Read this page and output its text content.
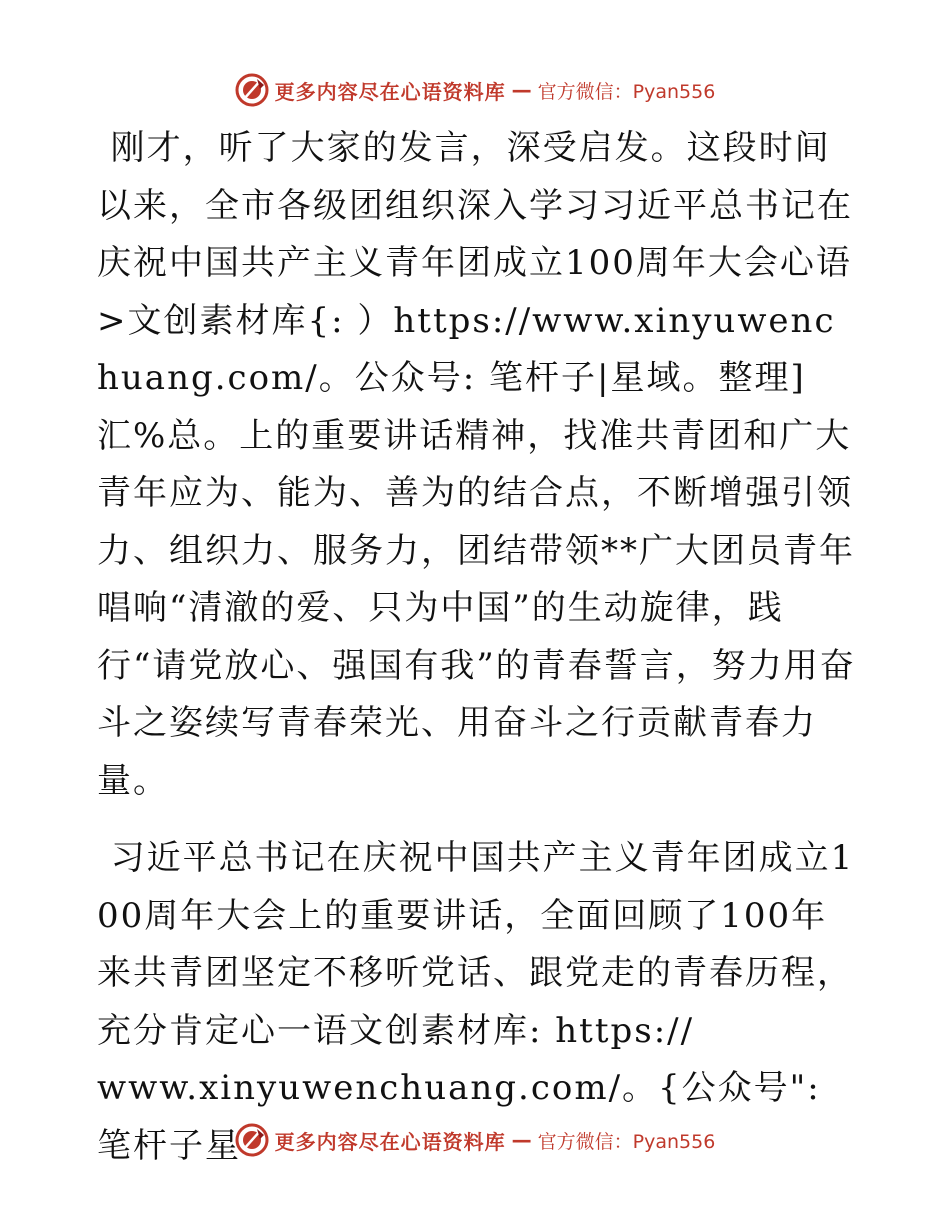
更多内容尽在心语资料库 — 官方微信：Pyan556

刚才，听了大家的发言，深受启发。这段时间以来，全市各级团组织深入学习习近平总书记在庆祝中国共产主义青年团成立100周年大会心语>文创素材库{: ）https://www.xinyuwenchuang.com/。公众号: 笔杆子|星域。整理]汇%总。上的重要讲话精神，找准共青团和广大青年应为、能为、善为的结合点，不断增强引领力、组织力、服务力，团结带领**广大团员青年唱响“清澈的爱、只为中国”的生动旋律，践行“请党放心、强国有我”的青春誓言，努力用奋斗之姿续写青春荣光、用奋斗之行贡献青春力量。

习近平总书记在庆祝中国共产主义青年团成立100周年大会上的重要讲话，全面回顾了100年来共青团坚定不移听党话、跟党走的青春历程，充分肯定心一语文创素材库: https://
www.xinyuwenchuang.com/。{公众号": 笔杆子星	更多内容尽在心语资料库 — 官方微信：Pyan556
